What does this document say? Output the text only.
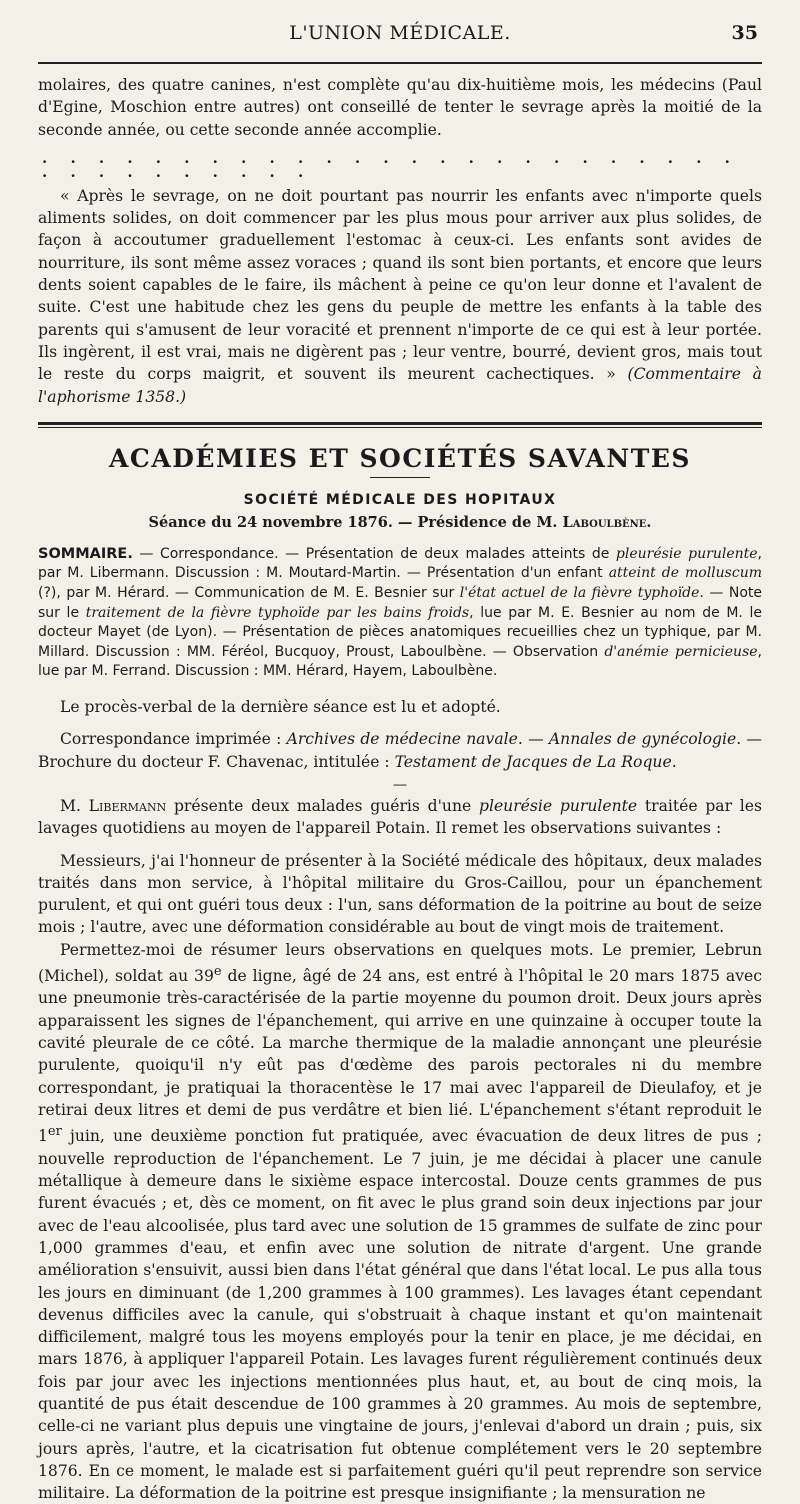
L'UNION MÉDICALE.	35

molaires, des quatre canines, n'est complète qu'au dix-huitième mois, les médecins (Paul d'Egine, Moschion entre autres) ont conseillé de tenter le sevrage après la moitié de la seconde année, ou cette seconde année accomplie.

. . . . . . . . . . . . . . . . . . . . . . . . . . . . . . . . . . .

« Après le sevrage, on ne doit pourtant pas nourrir les enfants avec n'importe quels aliments solides, on doit commencer par les plus mous pour arriver aux plus solides, de façon à accoutumer graduellement l'estomac à ceux-ci. Les enfants sont avides de nourriture, ils sont même assez voraces ; quand ils sont bien portants, et encore que leurs dents soient capables de le faire, ils mâchent à peine ce qu'on leur donne et l'avalent de suite. C'est une habitude chez les gens du peuple de mettre les enfants à la table des parents qui s'amusent de leur voracité et prennent n'importe de ce qui est à leur portée. Ils ingèrent, il est vrai, mais ne digèrent pas ; leur ventre, bourré, devient gros, mais tout le reste du corps maigrit, et souvent ils meurent cachectiques. » (Commentaire à l'aphorisme 1358.)

ACADÉMIES ET SOCIÉTÉS SAVANTES
SOCIÉTÉ MÉDICALE DES HOPITAUX
Séance du 24 novembre 1876. — Présidence de M. Laboulbène.

SOMMAIRE. — Correspondance. — Présentation de deux malades atteints de pleurésie purulente, par M. Libermann. Discussion : M. Moutard-Martin. — Présentation d'un enfant atteint de molluscum (?), par M. Hérard. — Communication de M. E. Besnier sur l'état actuel de la fièvre typhoïde. — Note sur le traitement de la fièvre typhoïde par les bains froids, lue par M. E. Besnier au nom de M. le docteur Mayet (de Lyon). — Présentation de pièces anatomiques recueillies chez un typhique, par M. Millard. Discussion : MM. Féréol, Bucquoy, Proust, Laboulbène. — Observation d'anémie pernicieuse, lue par M. Ferrand. Discussion : MM. Hérard, Hayem, Laboulbène.

Le procès-verbal de la dernière séance est lu et adopté.

Correspondance imprimée : Archives de médecine navale. — Annales de gynécologie. — Brochure du docteur F. Chavenac, intitulée : Testament de Jacques de La Roque.

—

M. Libermann présente deux malades guéris d'une pleurésie purulente traitée par les lavages quotidiens au moyen de l'appareil Potain. Il remet les observations suivantes :

Messieurs, j'ai l'honneur de présenter à la Société médicale des hôpitaux, deux malades traités dans mon service, à l'hôpital militaire du Gros-Caillou, pour un épanchement purulent, et qui ont guéri tous deux : l'un, sans déformation de la poitrine au bout de seize mois ; l'autre, avec une déformation considérable au bout de vingt mois de traitement.

Permettez-moi de résumer leurs observations en quelques mots. Le premier, Lebrun (Michel), soldat au 39e de ligne, âgé de 24 ans, est entré à l'hôpital le 20 mars 1875 avec une pneumonie très-caractérisée de la partie moyenne du poumon droit. Deux jours après apparaissent les signes de l'épanchement, qui arrive en une quinzaine à occuper toute la cavité pleurale de ce côté. La marche thermique de la maladie annonçant une pleurésie purulente, quoiqu'il n'y eût pas d'œdème des parois pectorales ni du membre correspondant, je pratiquai la thoracentèse le 17 mai avec l'appareil de Dieulafoy, et je retirai deux litres et demi de pus verdâtre et bien lié. L'épanchement s'étant reproduit le 1er juin, une deuxième ponction fut pratiquée, avec évacuation de deux litres de pus ; nouvelle reproduction de l'épanchement. Le 7 juin, je me décidai à placer une canule métallique à demeure dans le sixième espace intercostal. Douze cents grammes de pus furent évacués ; et, dès ce moment, on fit avec le plus grand soin deux injections par jour avec de l'eau alcoolisée, plus tard avec une solution de 15 grammes de sulfate de zinc pour 1,000 grammes d'eau, et enfin avec une solution de nitrate d'argent. Une grande amélioration s'ensuivit, aussi bien dans l'état général que dans l'état local. Le pus alla tous les jours en diminuant (de 1,200 grammes à 100 grammes). Les lavages étant cependant devenus difficiles avec la canule, qui s'obstruait à chaque instant et qu'on maintenait difficilement, malgré tous les moyens employés pour la tenir en place, je me décidai, en mars 1876, à appliquer l'appareil Potain. Les lavages furent régulièrement continués deux fois par jour avec les injections mentionnées plus haut, et, au bout de cinq mois, la quantité de pus était descendue de 100 grammes à 20 grammes. Au mois de septembre, celle-ci ne variant plus depuis une vingtaine de jours, j'enlevai d'abord un drain ; puis, six jours après, l'autre, et la cicatrisation fut obtenue complétement vers le 20 septembre 1876. En ce moment, le malade est si parfaitement guéri qu'il peut reprendre son service militaire. La déformation de la poitrine est presque insignifiante ; la mensuration ne
